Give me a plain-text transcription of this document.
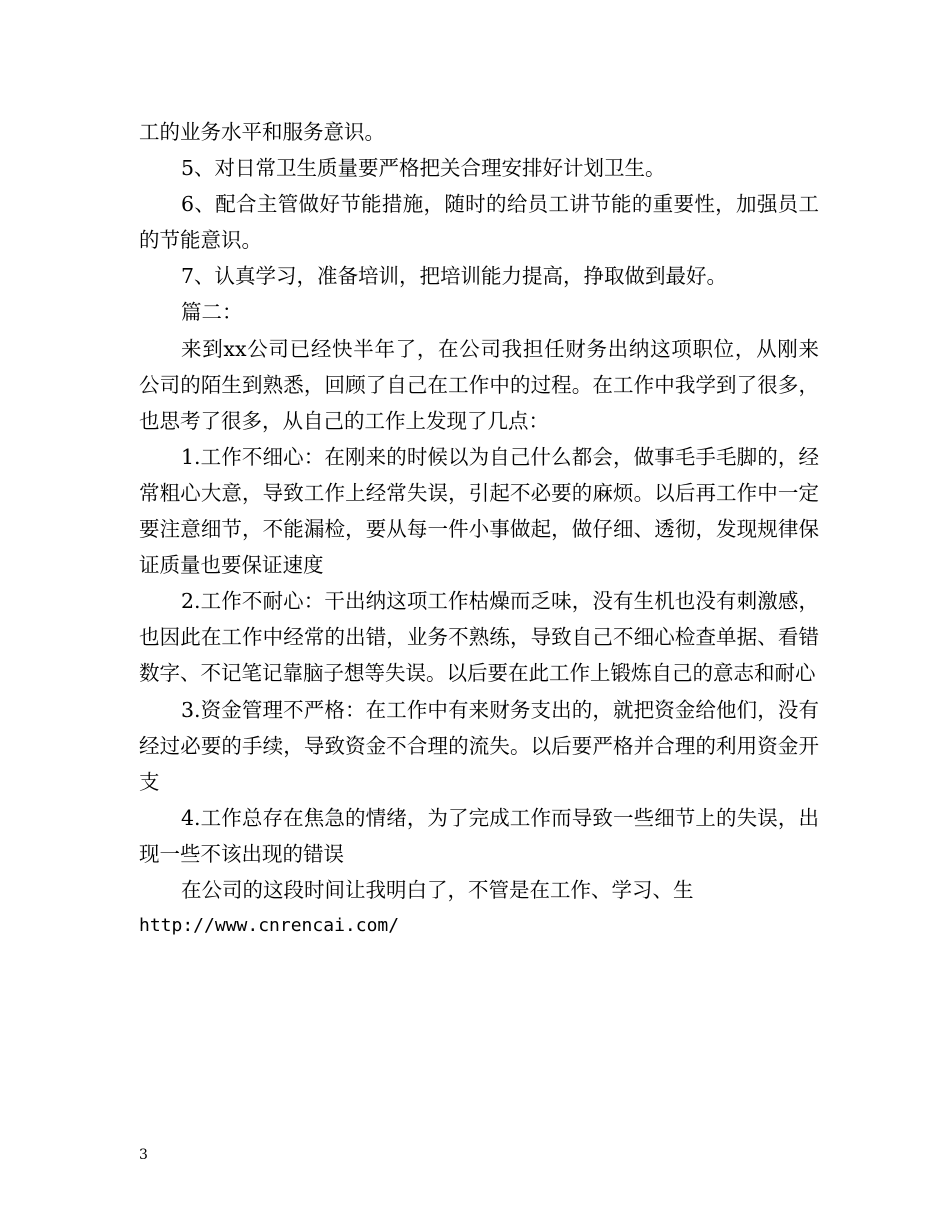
工的业务水平和服务意识。

5、对日常卫生质量要严格把关合理安排好计划卫生。

6、配合主管做好节能措施，随时的给员工讲节能的重要性，加强员工的节能意识。

7、认真学习，准备培训，把培训能力提高，挣取做到最好。

篇二：

来到xx公司已经快半年了，在公司我担任财务出纳这项职位，从刚来公司的陌生到熟悉，回顾了自己在工作中的过程。在工作中我学到了很多，也思考了很多，从自己的工作上发现了几点：

1.工作不细心：在刚来的时候以为自己什么都会，做事毛手毛脚的，经常粗心大意，导致工作上经常失误，引起不必要的麻烦。以后再工作中一定要注意细节，不能漏检，要从每一件小事做起，做仔细、透彻，发现规律保证质量也要保证速度

2.工作不耐心：干出纳这项工作枯燥而乏味，没有生机也没有刺激感，也因此在工作中经常的出错，业务不熟练，导致自己不细心检查单据、看错数字、不记笔记靠脑子想等失误。以后要在此工作上锻炼自己的意志和耐心

3.资金管理不严格：在工作中有来财务支出的，就把资金给他们，没有经过必要的手续，导致资金不合理的流失。以后要严格并合理的利用资金开支

4.工作总存在焦急的情绪，为了完成工作而导致一些细节上的失误，出现一些不该出现的错误

在公司的这段时间让我明白了，不管是在工作、学习、生

http://www.cnrencai.com/

3
